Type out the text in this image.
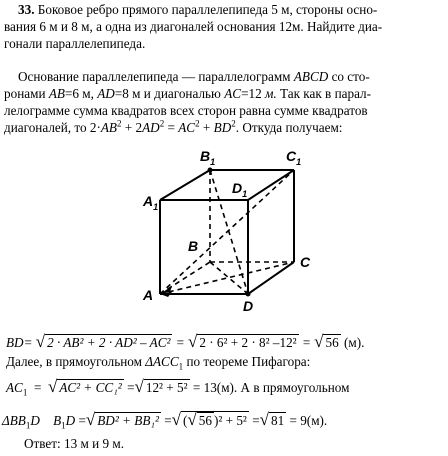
33. Боковое ребро прямого параллелепипеда 5 м, стороны осно-
вания 6 м и 8 м, а одна из диагоналей основания 12м. Найдите диа-
гонали параллелепипеда.
Основание параллелепипеда — параллелограмм ABCD со сто-
ронами AB=6 м, AD=8 м и диагональю AC=12 м. Так как в парал-
лелограмме сумма квадратов всех сторон равна сумме квадратов
диагоналей, то $2\cdot AB^2 + 2AD^2 = AC^2 + BD^2$. Откуда получаем:
$B_1$	$C_1$
$D_1$
$A_1$
B
C
A
D
BD= √ 2 · AB² + 2 · AD² – AC² = √ 2 · 6² + 2 · 8² –12² = √ 56 (м).
Далее, в прямоугольном $\Delta ACC_1$ по теореме Пифагора:
$AC_1$ = √ AC² + CC₁² =√ 12² + 5² = 13(м). А в прямоугольном
$\Delta BB_1D$ $B_1D$ =√ BD² + BB₁² =√ (√ 56 )² + 5² =√ 81 = 9(м).
Ответ: 13 м и 9 м.
